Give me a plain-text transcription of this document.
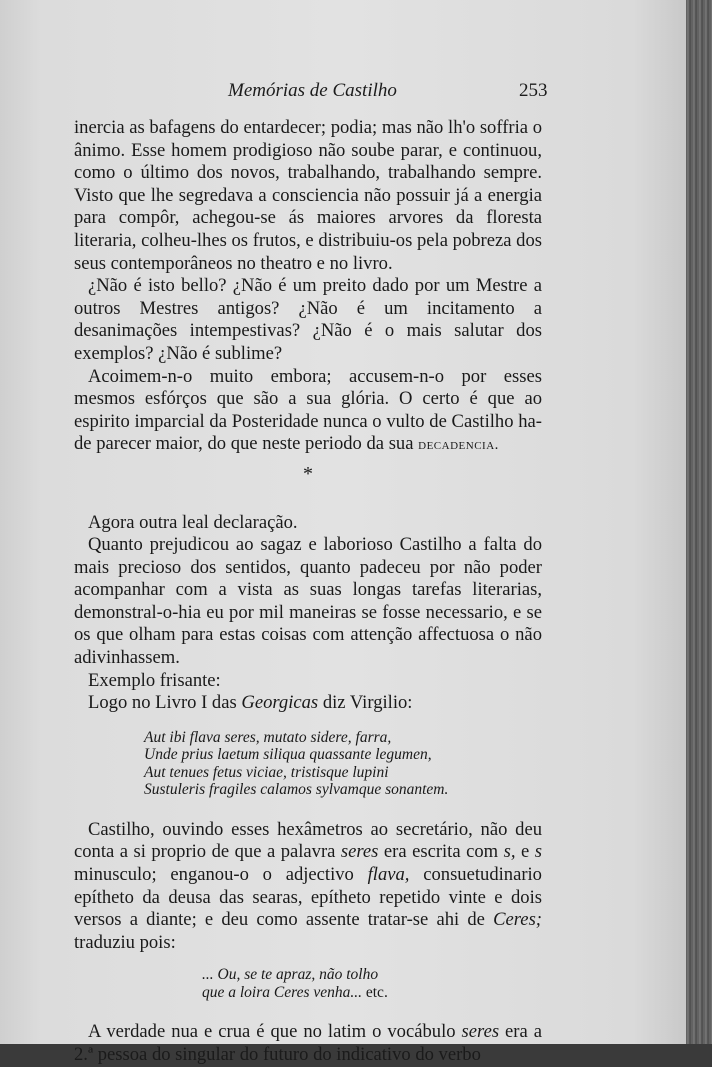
Memórias de Castilho	253

inercia as bafagens do entardecer; podia; mas não lh'o soffria o ânimo. Esse homem prodigioso não soube parar, e continuou, como o último dos novos, trabalhando, trabalhando sempre. Visto que lhe segredava a consciencia não possuir já a energia para compôr, achegou-se ás maiores arvores da floresta literaria, colheu-lhes os frutos, e distribuiu-os pela pobreza dos seus contemporâneos no theatro e no livro.

¿Não é isto bello? ¿Não é um preito dado por um Mestre a outros Mestres antigos? ¿Não é um incitamento a desanimações intempestivas? ¿Não é o mais salutar dos exemplos? ¿Não é sublime?

Acoimem-n-o muito embora; accusem-n-o por esses mesmos esfórços que são a sua glória. O certo é que ao espirito imparcial da Posteridade nunca o vulto de Castilho ha-de parecer maior, do que neste periodo da sua decadencia.

*

Agora outra leal declaração.

Quanto prejudicou ao sagaz e laborioso Castilho a falta do mais precioso dos sentidos, quanto padeceu por não poder acompanhar com a vista as suas longas tarefas literarias, demonstral-o-hia eu por mil maneiras se fosse necessario, e se os que olham para estas coisas com attenção affectuosa o não adivinhassem.

Exemplo frisante:

Logo no Livro I das Georgicas diz Virgilio:

Aut ibi flava seres, mutato sidere, farra,
Unde prius laetum siliqua quassante legumen,
Aut tenues fetus viciae, tristisque lupini
Sustuleris fragiles calamos sylvamque sonantem.

Castilho, ouvindo esses hexâmetros ao secretário, não deu conta a si proprio de que a palavra seres era escrita com s, e s minusculo; enganou-o o adjectivo flava, consuetudinario epítheto da deusa das searas, epítheto repetido vinte e dois versos a diante; e deu como assente tratar-se ahi de Ceres; traduziu pois:

... Ou, se te apraz, não tolho
que a loira Ceres venha... etc.

A verdade nua e crua é que no latim o vocábulo seres era a 2.ª pessoa do singular do futuro do indicativo do verbo
